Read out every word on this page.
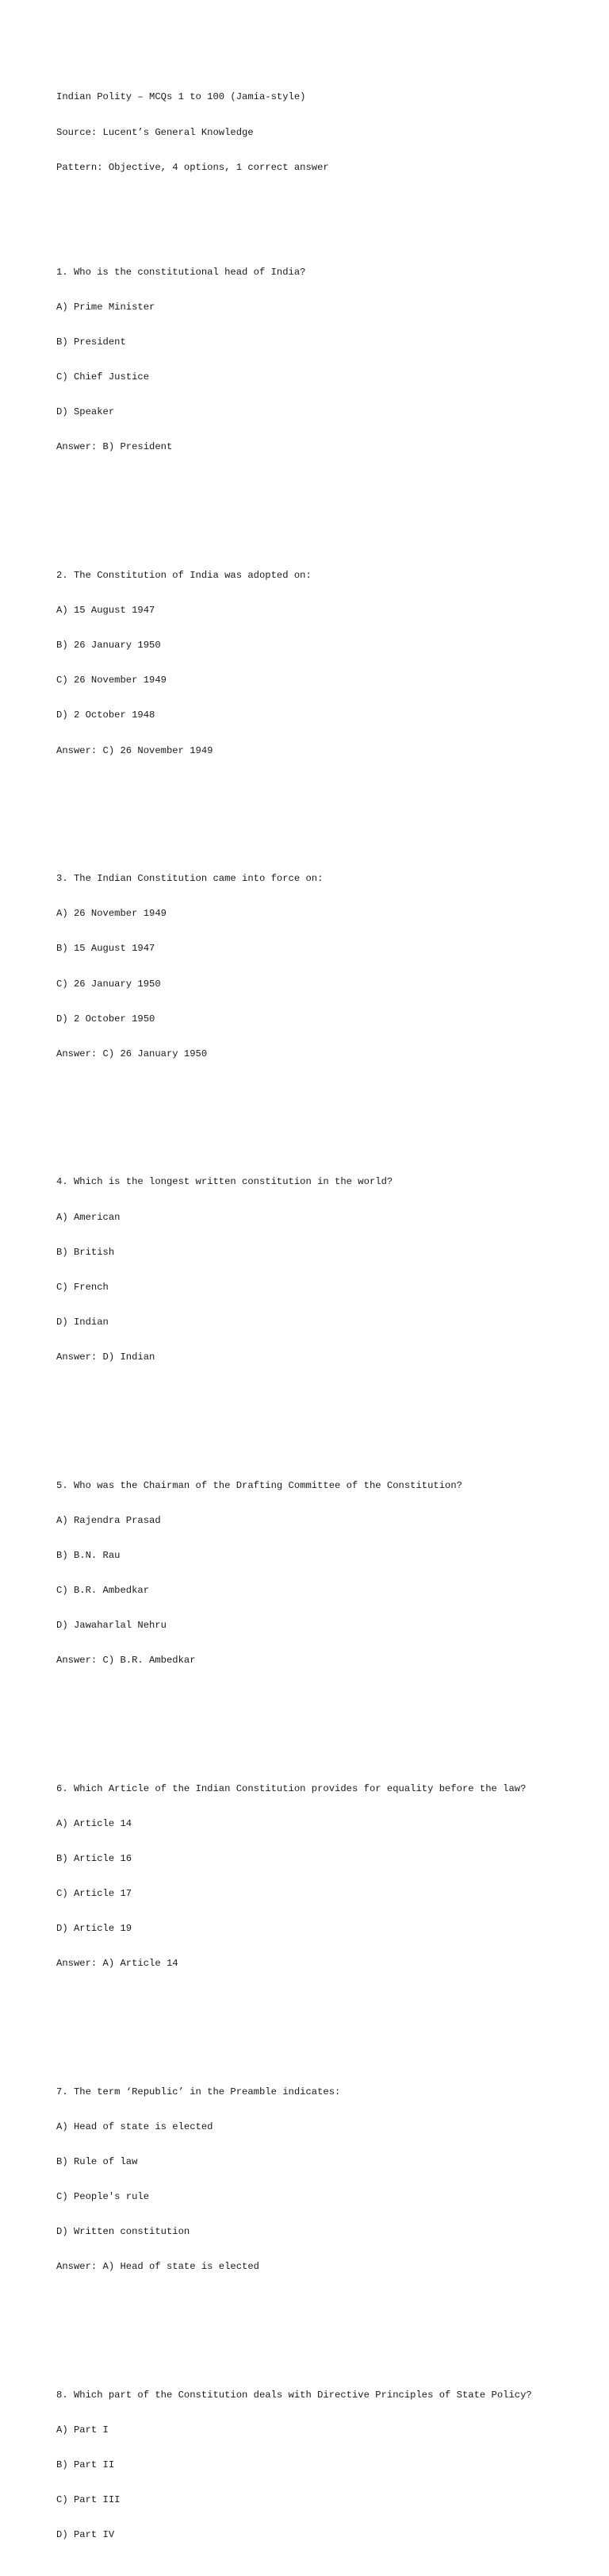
Indian Polity – MCQs 1 to 100 (Jamia-style)

Source: Lucent’s General Knowledge

Pattern: Objective, 4 options, 1 correct answer

1. Who is the constitutional head of India?

A) Prime Minister

B) President

C) Chief Justice

D) Speaker

Answer: B) President

2. The Constitution of India was adopted on:

A) 15 August 1947

B) 26 January 1950

C) 26 November 1949

D) 2 October 1948

Answer: C) 26 November 1949

3. The Indian Constitution came into force on:

A) 26 November 1949

B) 15 August 1947

C) 26 January 1950

D) 2 October 1950

Answer: C) 26 January 1950

4. Which is the longest written constitution in the world?

A) American

B) British

C) French

D) Indian

Answer: D) Indian

5. Who was the Chairman of the Drafting Committee of the Constitution?

A) Rajendra Prasad

B) B.N. Rau

C) B.R. Ambedkar

D) Jawaharlal Nehru

Answer: C) B.R. Ambedkar

6. Which Article of the Indian Constitution provides for equality before the law?

A) Article 14

B) Article 16

C) Article 17

D) Article 19

Answer: A) Article 14

7. The term ‘Republic’ in the Preamble indicates:

A) Head of state is elected

B) Rule of law

C) People's rule

D) Written constitution

Answer: A) Head of state is elected

8. Which part of the Constitution deals with Directive Principles of State Policy?

A) Part I

B) Part II

C) Part III

D) Part IV
